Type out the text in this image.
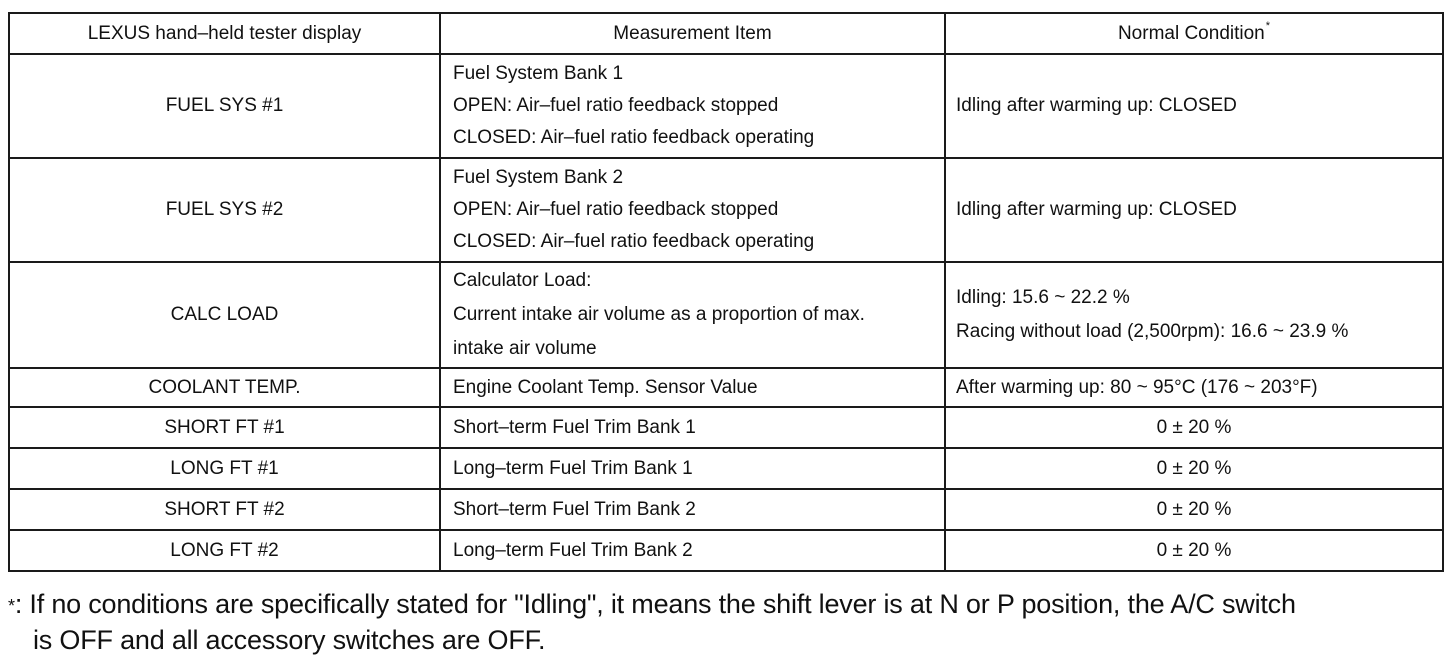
LEXUS hand–held tester display	Measurement Item	Normal Condition*
FUEL SYS #1	Fuel System Bank 1
OPEN: Air–fuel ratio feedback stopped
CLOSED: Air–fuel ratio feedback operating	Idling after warming up: CLOSED

FUEL SYS #2	Fuel System Bank 2
OPEN: Air–fuel ratio feedback stopped
CLOSED: Air–fuel ratio feedback operating	Idling after warming up: CLOSED

CALC LOAD	Calculator Load:
Current intake air volume as a proportion of max.
intake air volume	Idling: 15.6 ~ 22.2 %
Racing without load (2,500rpm): 16.6 ~ 23.9 %

COOLANT TEMP.	Engine Coolant Temp. Sensor Value	After warming up: 80 ~ 95°C (176 ~ 203°F)
SHORT FT #1	Short–term Fuel Trim Bank 1	0 ± 20 %
LONG FT #1	Long–term Fuel Trim Bank 1	0 ± 20 %
SHORT FT #2	Short–term Fuel Trim Bank 2	0 ± 20 %
LONG FT #2	Long–term Fuel Trim Bank 2	0 ± 20 %
*: If no conditions are specifically stated for "Idling", it means the shift lever is at N or P position, the A/C switch
is OFF and all accessory switches are OFF.
